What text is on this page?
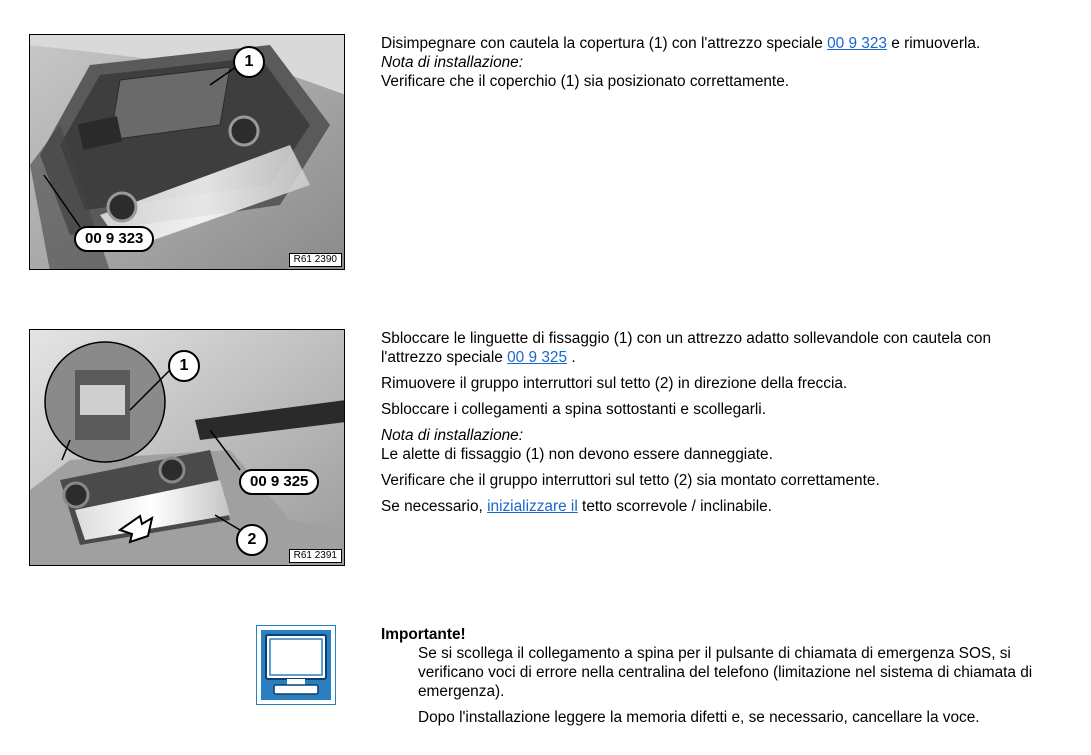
1
00 9 323
R61 2390

Disimpegnare con cautela la copertura (1) con l'attrezzo speciale 00 9 323 e rimuoverla.

Nota di installazione:

Verificare che il coperchio (1) sia posizionato correttamente.

1
00 9 325
2
R61 2391

Sbloccare le linguette di fissaggio (1) con un attrezzo adatto sollevandole con cautela con l'attrezzo speciale 00 9 325 .

Rimuovere il gruppo interruttori sul tetto (2) in direzione della freccia.

Sbloccare i collegamenti a spina sottostanti e scollegarli.

Nota di installazione:

Le alette di fissaggio (1) non devono essere danneggiate.

Verificare che il gruppo interruttori sul tetto (2) sia montato correttamente.

Se necessario, inizializzare il tetto scorrevole / inclinabile.

Importante!

Se si scollega il collegamento a spina per il pulsante di chiamata di emergenza SOS, si verificano voci di errore nella centralina del telefono (limitazione nel sistema di chiamata di emergenza).

Dopo l'installazione leggere la memoria difetti e, se necessario, cancellare la voce.
